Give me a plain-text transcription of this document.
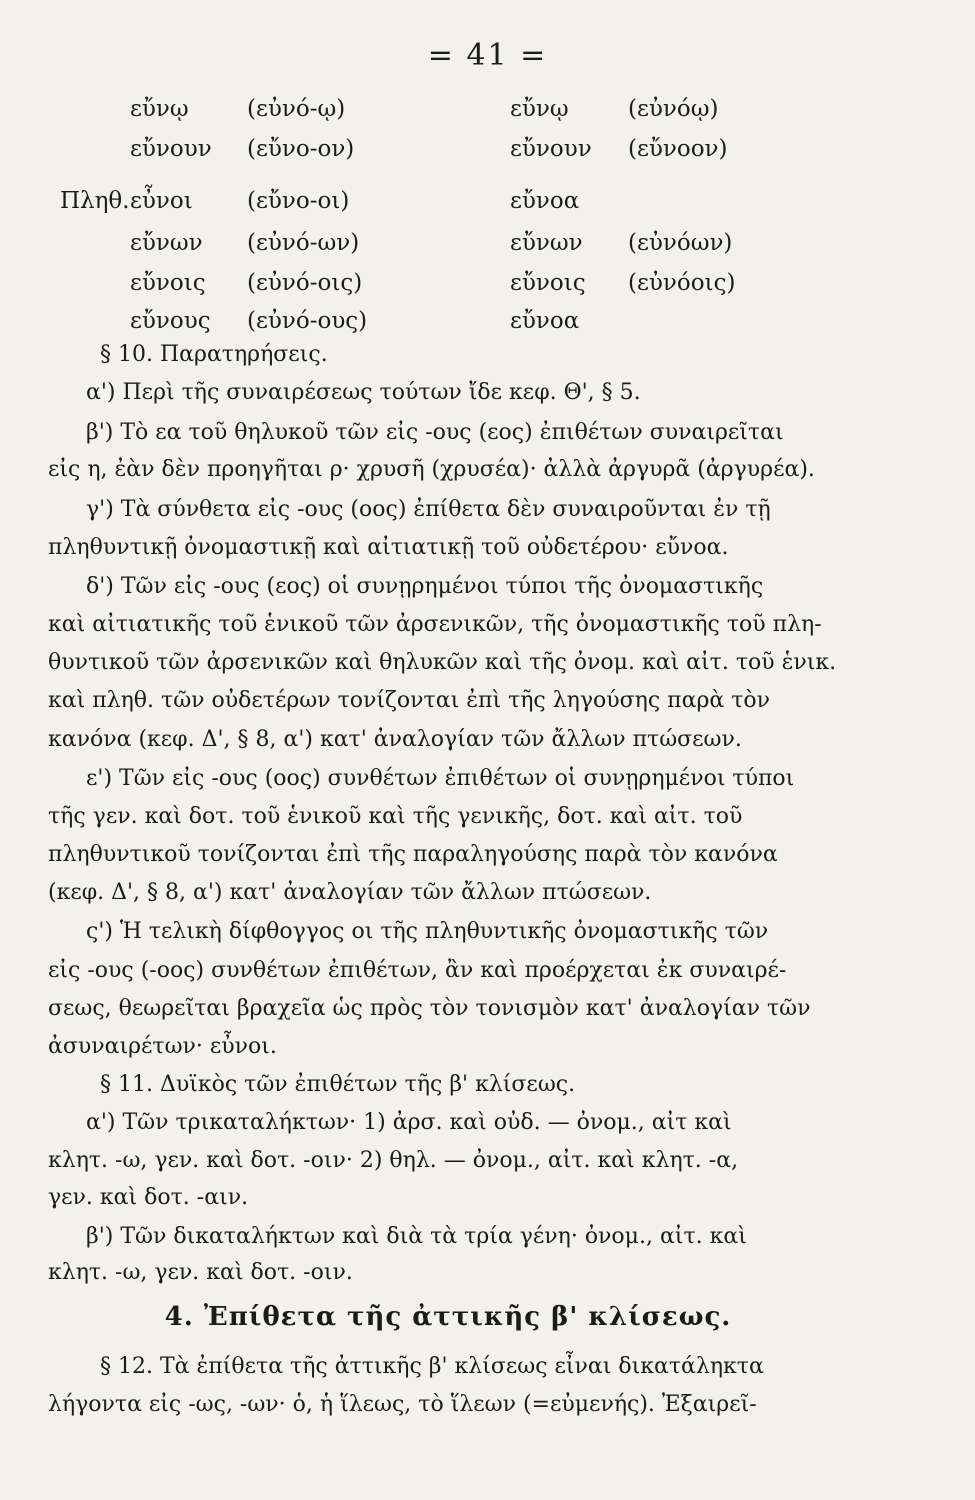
= 41 =
εὔνῳ	(εὐνό-ῳ)	εὔνῳ	(εὐνόῳ)
εὔνουν (εὔνο-ον)	εὔνουν (εὔνοον)
Πληθ. εὖνοι (εὔνο-οι)	εὔνοα
εὔνων (εὐνό-ων)	εὔνων (εὐνόων)
εὔνοις (εὐνό-οις)	εὔνοις (εὐνόοις)
εὔνους (εὐνό-ους)	εὔνοα
§ 10. Παρατηρήσεις.
α') Περὶ τῆς συναιρέσεως τούτων ἴδε κεφ. Θ', § 5.
β') Τὸ εα τοῦ θηλυκοῦ τῶν εἰς -ους (εος) ἐπιθέτων συναιρεῖται
εἰς η, ἐὰν δὲν προηγῆται ρ· χρυσῆ (χρυσέα)· ἀλλὰ ἀργυρᾶ (ἀργυρέα).
γ') Τὰ σύνθετα εἰς -ους (οος) ἐπίθετα δὲν συναιροῦνται ἐν τῇ
πληθυντικῇ ὀνομαστικῇ καὶ αἰτιατικῇ τοῦ οὐδετέρου· εὔνοα.
δ') Τῶν εἰς -ους (εος) οἱ συνῃρημένοι τύποι τῆς ὀνομαστικῆς
καὶ αἰτιατικῆς τοῦ ἑνικοῦ τῶν ἀρσενικῶν, τῆς ὀνομαστικῆς τοῦ πλη-
θυντικοῦ τῶν ἀρσενικῶν καὶ θηλυκῶν καὶ τῆς ὀνομ. καὶ αἰτ. τοῦ ἑνικ.
καὶ πληθ. τῶν οὐδετέρων τονίζονται ἐπὶ τῆς ληγούσης παρὰ τὸν
κανόνα (κεφ. Δ', § 8, α') κατ' ἀναλογίαν τῶν ἄλλων πτώσεων.
ε') Τῶν εἰς -ους (οος) συνθέτων ἐπιθέτων οἱ συνῃρημένοι τύποι
τῆς γεν. καὶ δοτ. τοῦ ἑνικοῦ καὶ τῆς γενικῆς, δοτ. καὶ αἰτ. τοῦ
πληθυντικοῦ τονίζονται ἐπὶ τῆς παραληγούσης παρὰ τὸν κανόνα
(κεφ. Δ', § 8, α') κατ' ἀναλογίαν τῶν ἄλλων πτώσεων.
ς') Ἡ τελικὴ δίφθογγος οι τῆς πληθυντικῆς ὀνομαστικῆς τῶν
εἰς -ους (-οος) συνθέτων ἐπιθέτων, ἂν καὶ προέρχεται ἐκ συναιρέ-
σεως, θεωρεῖται βραχεῖα ὡς πρὸς τὸν τονισμὸν κατ' ἀναλογίαν τῶν
ἀσυναιρέτων· εὖνοι.
§ 11. Δυϊκὸς τῶν ἐπιθέτων τῆς β' κλίσεως.
α') Τῶν τρικαταλήκτων· 1) ἀρσ. καὶ οὐδ. — ὀνομ., αἰτ καὶ
κλητ. -ω, γεν. καὶ δοτ. -οιν· 2) θηλ. — ὀνομ., αἰτ. καὶ κλητ. -α,
γεν. καὶ δοτ. -αιν.
β') Τῶν δικαταλήκτων καὶ διὰ τὰ τρία γένη· ὀνομ., αἰτ. καὶ
κλητ. -ω, γεν. καὶ δοτ. -οιν.
4. Ἐπίθετα τῆς ἀττικῆς β' κλίσεως.
§ 12. Τὰ ἐπίθετα τῆς ἀττικῆς β' κλίσεως εἶναι δικατάληκτα
λήγοντα εἰς -ως, -ων· ὁ, ἡ ἵλεως, τὸ ἵλεων (=εὐμενής). Ἐξαιρεῖ-
